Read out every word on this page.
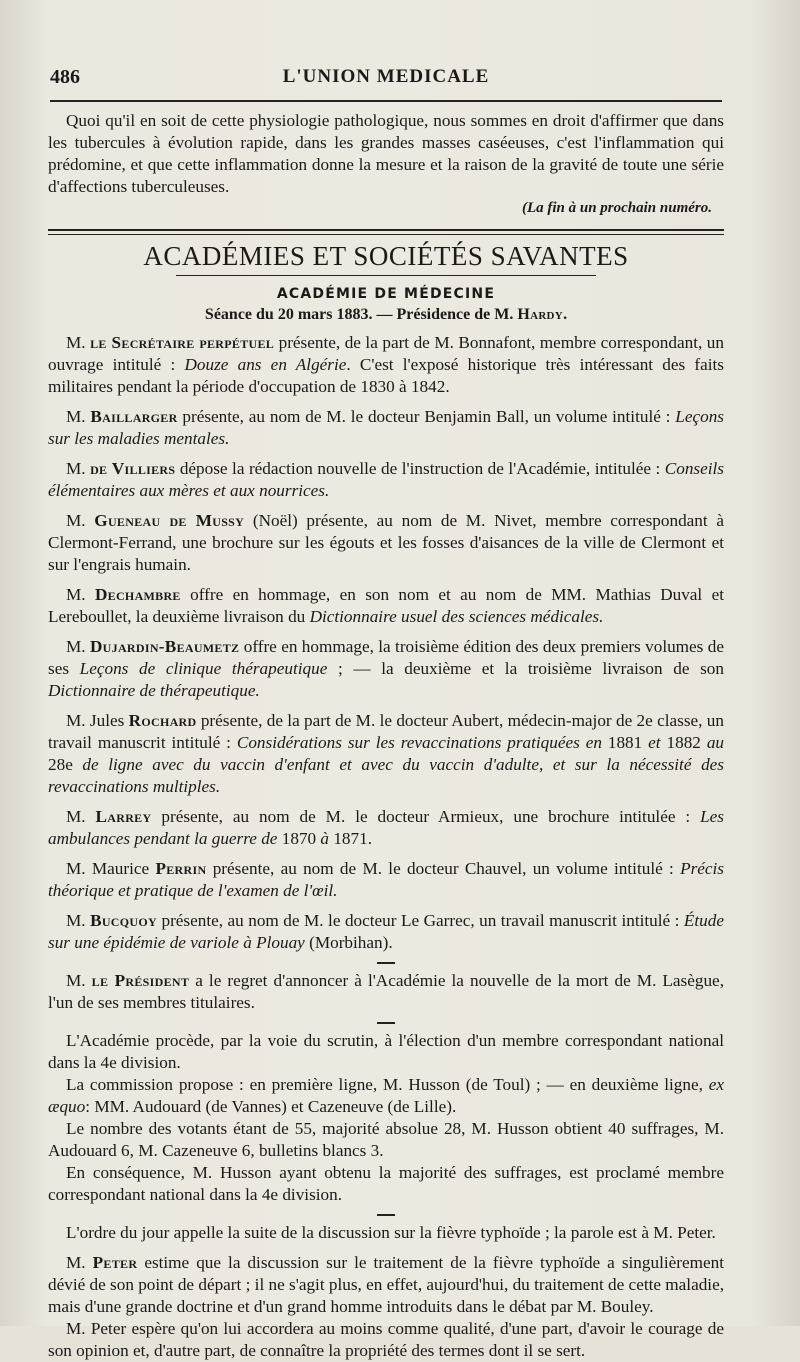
486	L'UNION MEDICALE

Quoi qu'il en soit de cette physiologie pathologique, nous sommes en droit d'affirmer que dans les tubercules à évolution rapide, dans les grandes masses caséeuses, c'est l'inflammation qui prédomine, et que cette inflammation donne la mesure et la raison de la gravité de toute une série d'affections tuberculeuses.

(La fin à un prochain numéro.
ACADÉMIES ET SOCIÉTÉS SAVANTES
ACADÉMIE DE MÉDECINE
Séance du 20 mars 1883. — Présidence de M. Hardy.

M. le Secrétaire perpétuel présente, de la part de M. Bonnafont, membre correspondant, un ouvrage intitulé : Douze ans en Algérie. C'est l'exposé historique très intéressant des faits militaires pendant la période d'occupation de 1830 à 1842.

M. Baillarger présente, au nom de M. le docteur Benjamin Ball, un volume intitulé : Leçons sur les maladies mentales.

M. de Villiers dépose la rédaction nouvelle de l'instruction de l'Académie, intitulée : Conseils élémentaires aux mères et aux nourrices.

M. Gueneau de Mussy (Noël) présente, au nom de M. Nivet, membre correspondant à Clermont-Ferrand, une brochure sur les égouts et les fosses d'aisances de la ville de Clermont et sur l'engrais humain.

M. Dechambre offre en hommage, en son nom et au nom de MM. Mathias Duval et Lereboullet, la deuxième livraison du Dictionnaire usuel des sciences médicales.

M. Dujardin-Beaumetz offre en hommage, la troisième édition des deux premiers volumes de ses Leçons de clinique thérapeutique ; — la deuxième et la troisième livraison de son Dictionnaire de thérapeutique.

M. Jules Rochard présente, de la part de M. le docteur Aubert, médecin-major de 2e classe, un travail manuscrit intitulé : Considérations sur les revaccinations pratiquées en 1881 et 1882 au 28e de ligne avec du vaccin d'enfant et avec du vaccin d'adulte, et sur la nécessité des revaccinations multiples.

M. Larrey présente, au nom de M. le docteur Armieux, une brochure intitulée : Les ambulances pendant la guerre de 1870 à 1871.

M. Maurice Perrin présente, au nom de M. le docteur Chauvel, un volume intitulé : Précis théorique et pratique de l'examen de l'œil.

M. Bucquoy présente, au nom de M. le docteur Le Garrec, un travail manuscrit intitulé : Étude sur une épidémie de variole à Plouay (Morbihan).

M. le Président a le regret d'annoncer à l'Académie la nouvelle de la mort de M. Lasègue, l'un de ses membres titulaires.

L'Académie procède, par la voie du scrutin, à l'élection d'un membre correspondant national dans la 4e division.

La commission propose : en première ligne, M. Husson (de Toul) ; — en deuxième ligne, ex æquo: MM. Audouard (de Vannes) et Cazeneuve (de Lille).

Le nombre des votants étant de 55, majorité absolue 28, M. Husson obtient 40 suffrages, M. Audouard 6, M. Cazeneuve 6, bulletins blancs 3.

En conséquence, M. Husson ayant obtenu la majorité des suffrages, est proclamé membre correspondant national dans la 4e division.

L'ordre du jour appelle la suite de la discussion sur la fièvre typhoïde ; la parole est à M. Peter.

M. Peter estime que la discussion sur le traitement de la fièvre typhoïde a singulièrement dévié de son point de départ ; il ne s'agit plus, en effet, aujourd'hui, du traitement de cette maladie, mais d'une grande doctrine et d'un grand homme introduits dans le débat par M. Bouley.

M. Peter espère qu'on lui accordera au moins comme qualité, d'une part, d'avoir le courage de son opinion et, d'autre part, de connaître la propriété des termes dont il se sert.
